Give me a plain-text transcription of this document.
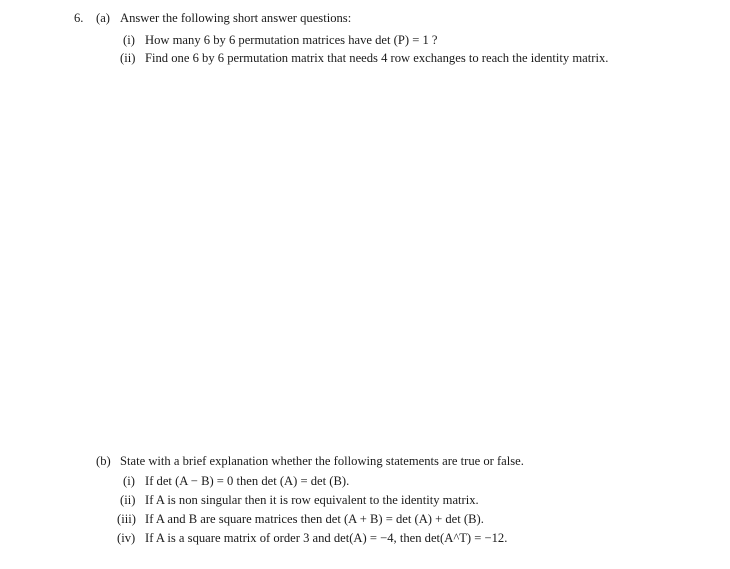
6. (a) Answer the following short answer questions:
(i) How many 6 by 6 permutation matrices have det (P) = 1 ?
(ii) Find one 6 by 6 permutation matrix that needs 4 row exchanges to reach the identity matrix.
(b) State with a brief explanation whether the following statements are true or false.
(i) If det (A − B) = 0 then det (A) = det (B).
(ii) If A is non singular then it is row equivalent to the identity matrix.
(iii) If A and B are square matrices then det (A + B) = det (A) + det (B).
(iv) If A is a square matrix of order 3 and det(A) = −4, then det(A^T) = −12.
